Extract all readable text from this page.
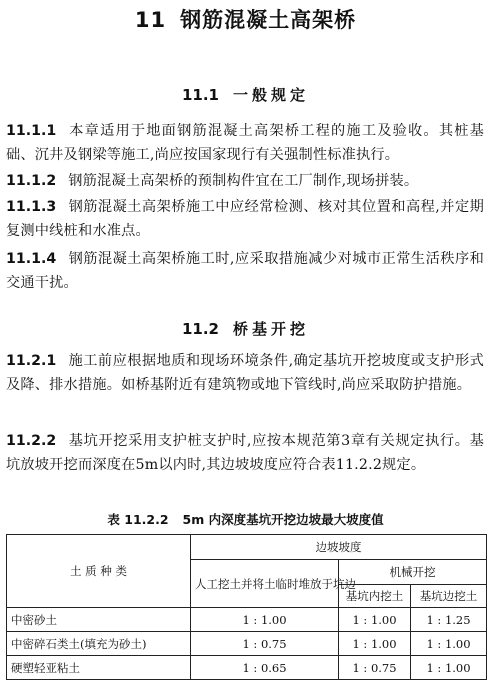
11 钢筋混凝土高架桥
11.1 一般规定
11.1.1 本章适用于地面钢筋混凝土高架桥工程的施工及验收。其桩基础、沉井及钢梁等施工,尚应按国家现行有关强制性标准执行。
11.1.2 钢筋混凝土高架桥的预制构件宜在工厂制作,现场拼装。
11.1.3 钢筋混凝土高架桥施工中应经常检测、核对其位置和高程,并定期复测中线桩和水准点。
11.1.4 钢筋混凝土高架桥施工时,应采取措施减少对城市正常生活秩序和交通干扰。
11.2 桥基开挖
11.2.1 施工前应根据地质和现场环境条件,确定基坑开挖坡度或支护形式及降、排水措施。如桥基附近有建筑物或地下管线时,尚应采取防护措施。
11.2.2 基坑开挖采用支护桩支护时,应按本规范第3章有关规定执行。基坑放坡开挖而深度在5m以内时,其边坡坡度应符合表11.2.2规定。
表 11.2.2 5m 内深度基坑开挖边坡最大坡度值
土 质 种 类	边坡坡度		
	人工挖土并将土临时堆放于坑边	机械开挖	
		基坑内挖土	基坑边挖土
中密砂土	1 : 1.00	1 : 1.00	1 : 1.25
中密碎石类土(填充为砂土)	1 : 0.75	1 : 1.00	1 : 1.00
硬塑轻亚粘土	1 : 0.65	1 : 0.75	1 : 1.00
